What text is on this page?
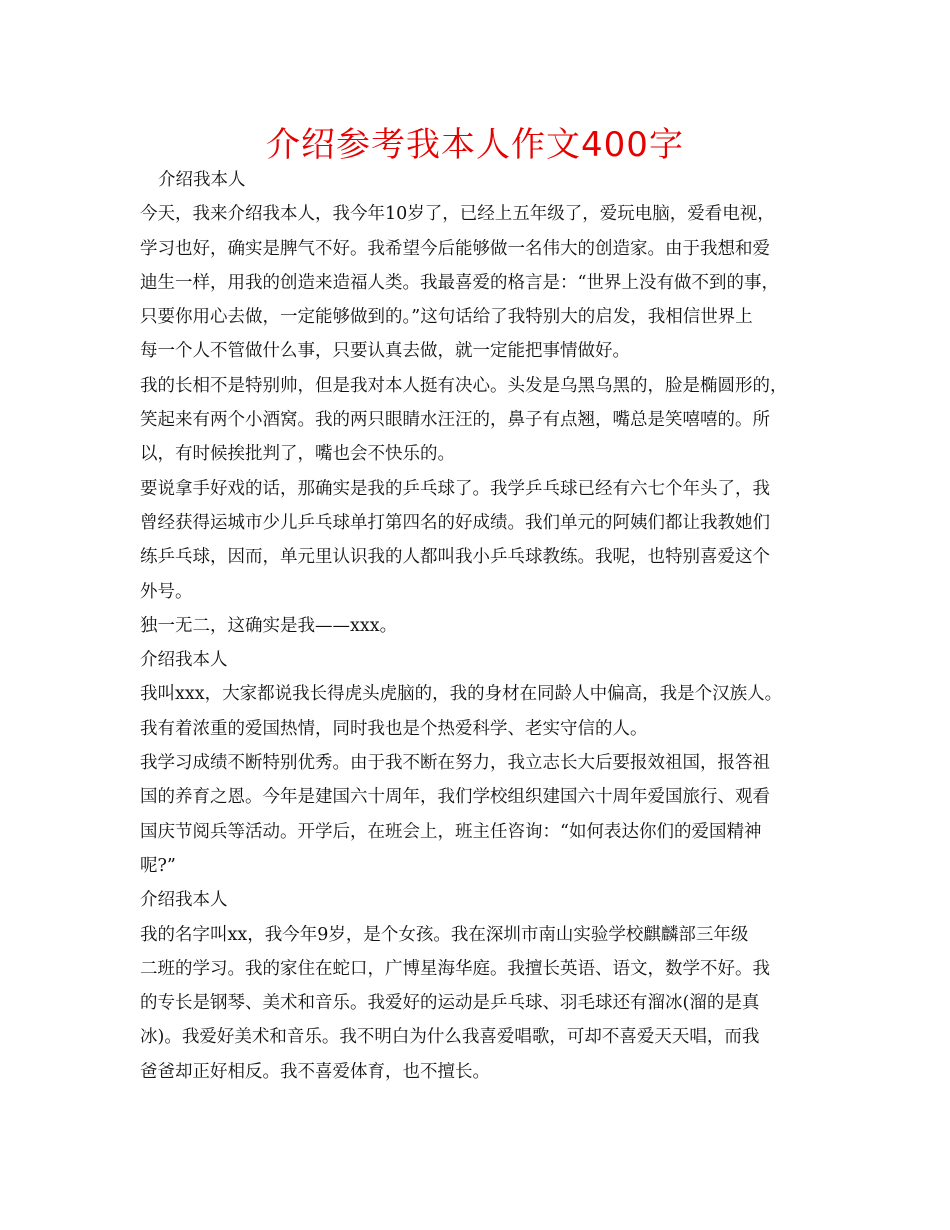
介绍参考我本人作文400字

介绍我本人

今天，我来介绍我本人，我今年10岁了，已经上五年级了，爱玩电脑，爱看电视，

学习也好，确实是脾气不好。我希望今后能够做一名伟大的创造家。由于我想和爱

迪生一样，用我的创造来造福人类。我最喜爱的格言是：“世界上没有做不到的事，

只要你用心去做，一定能够做到的。”这句话给了我特别大的启发，我相信世界上

每一个人不管做什么事，只要认真去做，就一定能把事情做好。

我的长相不是特别帅，但是我对本人挺有决心。头发是乌黑乌黑的，脸是椭圆形的，

笑起来有两个小酒窝。我的两只眼睛水汪汪的，鼻子有点翘，嘴总是笑嘻嘻的。所

以，有时候挨批判了，嘴也会不快乐的。

要说拿手好戏的话，那确实是我的乒乓球了。我学乒乓球已经有六七个年头了，我

曾经获得运城市少儿乒乓球单打第四名的好成绩。我们单元的阿姨们都让我教她们

练乒乓球，因而，单元里认识我的人都叫我小乒乓球教练。我呢，也特别喜爱这个

外号。

独一无二，这确实是我——xxx。

介绍我本人

我叫xxx，大家都说我长得虎头虎脑的，我的身材在同龄人中偏高，我是个汉族人。

我有着浓重的爱国热情，同时我也是个热爱科学、老实守信的人。

我学习成绩不断特别优秀。由于我不断在努力，我立志长大后要报效祖国，报答祖

国的养育之恩。今年是建国六十周年，我们学校组织建国六十周年爱国旅行、观看

国庆节阅兵等活动。开学后，在班会上，班主任咨询：“如何表达你们的爱国精神

呢?”

介绍我本人

我的名字叫xx，我今年9岁，是个女孩。我在深圳市南山实验学校麒麟部三年级

二班的学习。我的家住在蛇口，广博星海华庭。我擅长英语、语文，数学不好。我

的专长是钢琴、美术和音乐。我爱好的运动是乒乓球、羽毛球还有溜冰(溜的是真

冰)。我爱好美术和音乐。我不明白为什么我喜爱唱歌，可却不喜爱天天唱，而我

爸爸却正好相反。我不喜爱体育，也不擅长。
